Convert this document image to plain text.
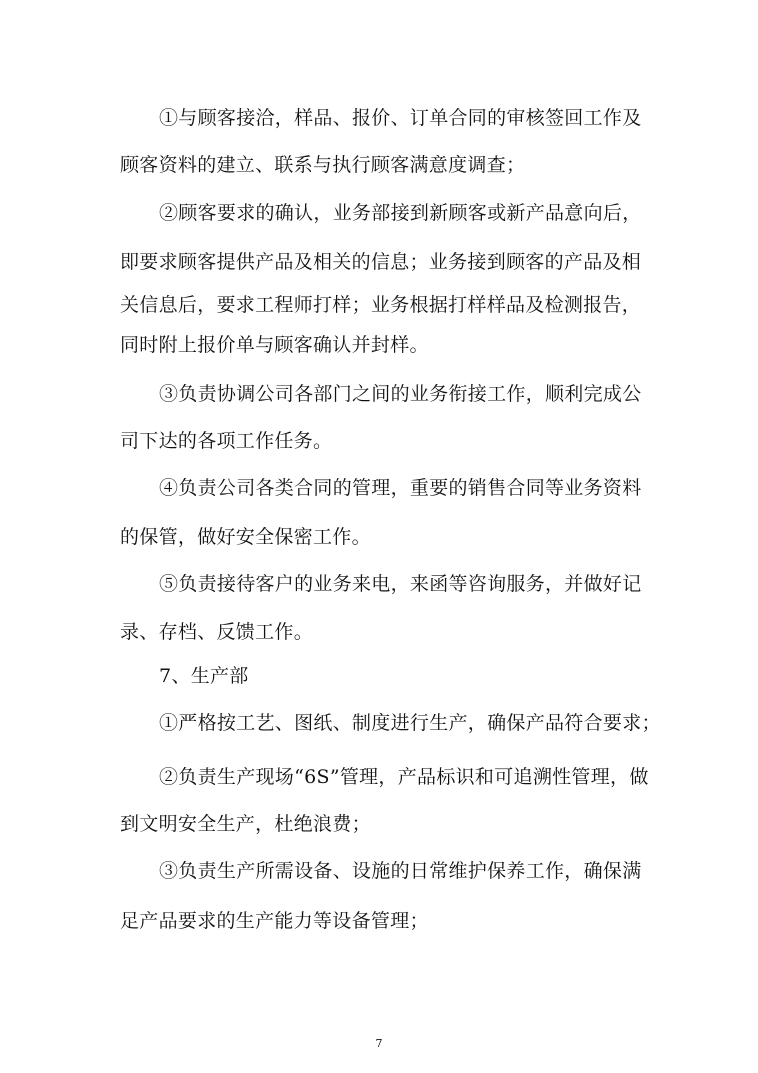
①与顾客接洽，样品、报价、订单合同的审核签回工作及
顾客资料的建立、联系与执行顾客满意度调查；
②顾客要求的确认，业务部接到新顾客或新产品意向后，
即要求顾客提供产品及相关的信息；业务接到顾客的产品及相
关信息后，要求工程师打样；业务根据打样样品及检测报告，
同时附上报价单与顾客确认并封样。
③负责协调公司各部门之间的业务衔接工作，顺利完成公
司下达的各项工作任务。
④负责公司各类合同的管理，重要的销售合同等业务资料
的保管，做好安全保密工作。
⑤负责接待客户的业务来电，来函等咨询服务，并做好记
录、存档、反馈工作。
7、生产部
①严格按工艺、图纸、制度进行生产，确保产品符合要求；
②负责生产现场“6S”管理，产品标识和可追溯性管理，做
到文明安全生产，杜绝浪费；
③负责生产所需设备、设施的日常维护保养工作，确保满
足产品要求的生产能力等设备管理；
7
